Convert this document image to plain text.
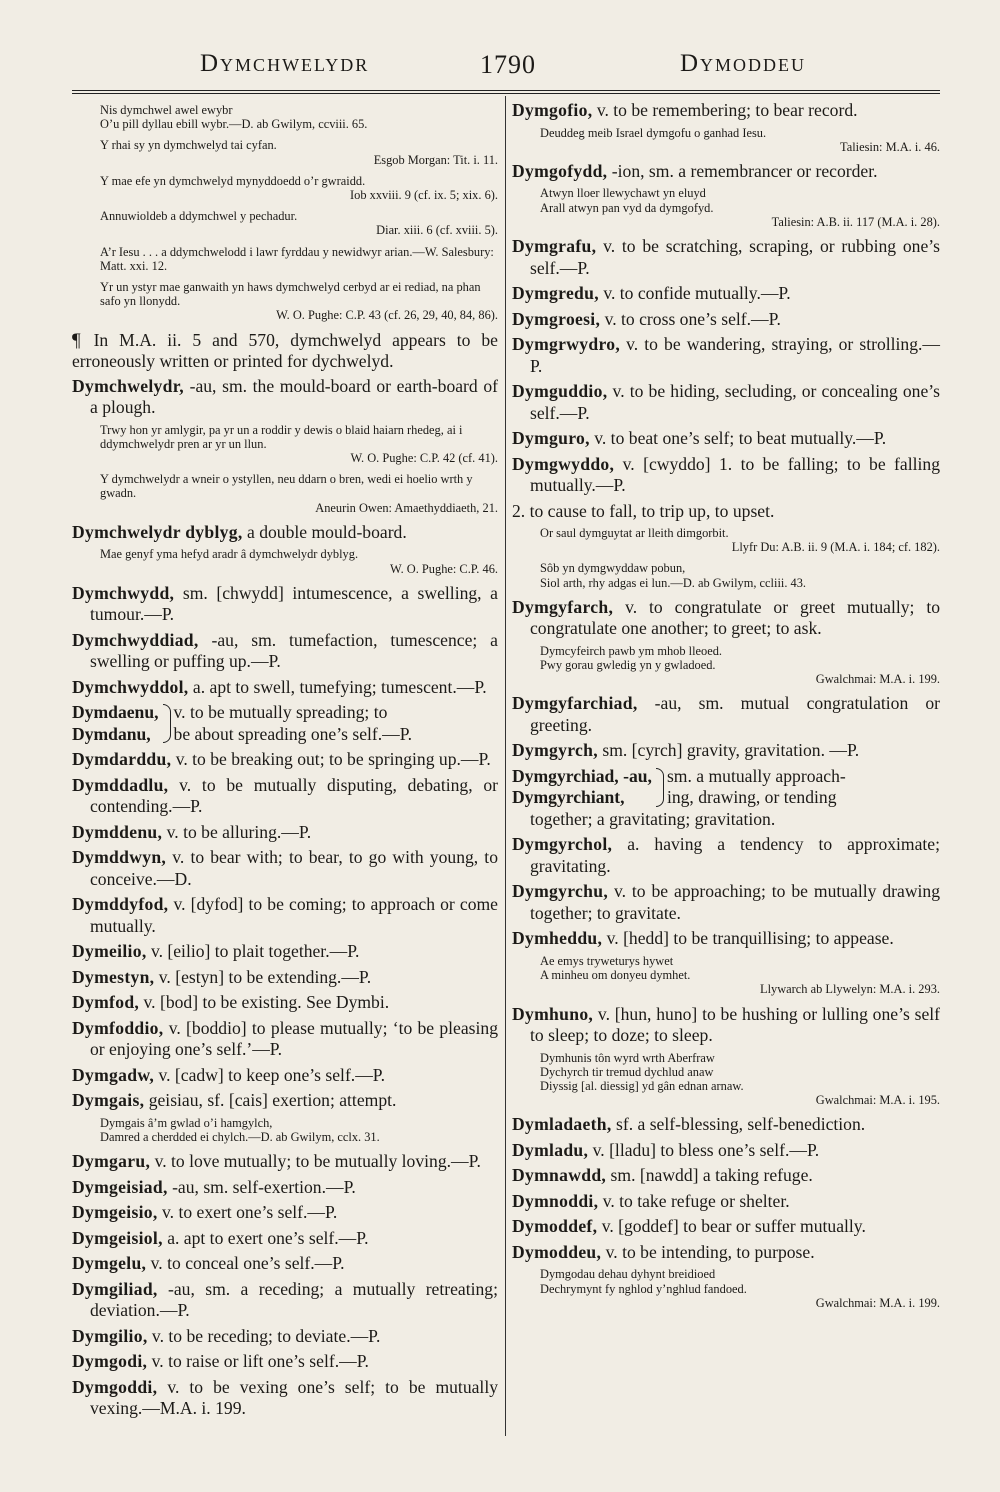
Dymchwelydr	1790	Dymoddeu
Nis dymchwel awel ewybr
O’u pill dyllau ebill wybr.—D. ab Gwilym, ccviii. 65.
Y rhai sy yn dymchwelyd tai cyfan.
Esgob Morgan: Tit. i. 11.
Y mae efe yn dymchwelyd mynyddoedd o’r gwraidd.
Iob xxviii. 9 (cf. ix. 5; xix. 6).
Annuwioldeb a ddymchwel y pechadur.
Diar. xiii. 6 (cf. xviii. 5).
A’r Iesu . . . a ddymchwelodd i lawr fyrddau y newidwyr arian.—W. Salesbury: Matt. xxi. 12.
Yr un ystyr mae ganwaith yn haws dymchwelyd cerbyd ar ei rediad, na phan safo yn llonydd.
W. O. Pughe: C.P. 43 (cf. 26, 29, 40, 84, 86).
¶ In M.A. ii. 5 and 570, dymchwelyd appears to be erroneously written or printed for dychwelyd.
Dymchwelydr, -au, sm. the mould-board or earth-board of a plough.
Trwy hon yr amlygir, pa yr un a roddir y dewis o blaid haiarn rhedeg, ai i ddymchwelydr pren ar yr un llun.
W. O. Pughe: C.P. 42 (cf. 41).
Y dymchwelydr a wneir o ystyllen, neu ddarn o bren, wedi ei hoelio wrth y gwadn.
Aneurin Owen: Amaethyddiaeth, 21.
Dymchwelydr dyblyg, a double mould-board.
Mae genyf yma hefyd aradr â dymchwelydr dyblyg.
W. O. Pughe: C.P. 46.
Dymchwydd, sm. [chwydd] intumescence, a swelling, a tumour.—P.
Dymchwyddiad, -au, sm. tumefaction, tumescence; a swelling or puffing up.—P.
Dymchwyddol, a. apt to swell, tumefying; tumescent.—P.
Dymdaenu,
Dymdanu,
v. to be mutually spreading; to
be about spreading one’s self.—P.
Dymdarddu, v. to be breaking out; to be springing up.—P.
Dymddadlu, v. to be mutually disputing, debating, or contending.—P.
Dymddenu, v. to be alluring.—P.
Dymddwyn, v. to bear with; to bear, to go with young, to conceive.—D.
Dymddyfod, v. [dyfod] to be coming; to approach or come mutually.
Dymeilio, v. [eilio] to plait together.—P.
Dymestyn, v. [estyn] to be extending.—P.
Dymfod, v. [bod] to be existing. See Dymbi.
Dymfoddio, v. [boddio] to please mutually; ‘to be pleasing or enjoying one’s self.’—P.
Dymgadw, v. [cadw] to keep one’s self.—P.
Dymgais, geisiau, sf. [cais] exertion; attempt.
Dymgais â’m gwlad o’i hamgylch,
Damred a cherdded ei chylch.—D. ab Gwilym, cclx. 31.
Dymgaru, v. to love mutually; to be mutually loving.—P.
Dymgeisiad, -au, sm. self-exertion.—P.
Dymgeisio, v. to exert one’s self.—P.
Dymgeisiol, a. apt to exert one’s self.—P.
Dymgelu, v. to conceal one’s self.—P.
Dymgiliad, -au, sm. a receding; a mutually retreating; deviation.—P.
Dymgilio, v. to be receding; to deviate.—P.
Dymgodi, v. to raise or lift one’s self.—P.
Dymgoddi, v. to be vexing one’s self; to be mutually vexing.—M.A. i. 199.
Dymgofio, v. to be remembering; to bear record.
Deuddeg meib Israel dymgofu o ganhad Iesu.
Taliesin: M.A. i. 46.
Dymgofydd, -ion, sm. a remembrancer or recorder.
Atwyn lloer llewychawt yn eluyd
Arall atwyn pan vyd da dymgofyd.
Taliesin: A.B. ii. 117 (M.A. i. 28).
Dymgrafu, v. to be scratching, scraping, or rubbing one’s self.—P.
Dymgredu, v. to confide mutually.—P.
Dymgroesi, v. to cross one’s self.—P.
Dymgrwydro, v. to be wandering, straying, or strolling.—P.
Dymguddio, v. to be hiding, secluding, or concealing one’s self.—P.
Dymguro, v. to beat one’s self; to beat mutually.—P.
Dymgwyddo, v. [cwyddo] 1. to be falling; to be falling mutually.—P.
2. to cause to fall, to trip up, to upset.
Or saul dymguytat ar lleith dimgorbit.
Llyfr Du: A.B. ii. 9 (M.A. i. 184; cf. 182).
Sôb yn dymgwyddaw pobun,
Siol arth, rhy adgas ei lun.—D. ab Gwilym, ccliii. 43.
Dymgyfarch, v. to congratulate or greet mutually; to congratulate one another; to greet; to ask.
Dymcyfeirch pawb ym mhob lleoed.
Pwy gorau gwledig yn y gwladoed.
Gwalchmai: M.A. i. 199.
Dymgyfarchiad, -au, sm. mutual congratulation or greeting.
Dymgyrch, sm. [cyrch] gravity, gravitation. —P.
Dymgyrchiad, -au,
Dymgyrchiant,
sm. a mutually approach-
ing, drawing, or tending
together; a gravitating; gravitation.
Dymgyrchol, a. having a tendency to approximate; gravitating.
Dymgyrchu, v. to be approaching; to be mutually drawing together; to gravitate.
Dymheddu, v. [hedd] to be tranquillising; to appease.
Ae emys tryweturys hywet
A minheu om donyeu dymhet.
Llywarch ab Llywelyn: M.A. i. 293.
Dymhuno, v. [hun, huno] to be hushing or lulling one’s self to sleep; to doze; to sleep.
Dymhunis tôn wyrd wrth Aberfraw
Dychyrch tir tremud dychlud anaw
Diyssig [al. diessig] yd gân ednan arnaw.
Gwalchmai: M.A. i. 195.
Dymladaeth, sf. a self-blessing, self-benediction.
Dymladu, v. [lladu] to bless one’s self.—P.
Dymnawdd, sm. [nawdd] a taking refuge.
Dymnoddi, v. to take refuge or shelter.
Dymoddef, v. [goddef] to bear or suffer mutually.
Dymoddeu, v. to be intending, to purpose.
Dymgodau dehau dyhynt breidioed
Dechrymynt fy nghlod y’nghlud fandoed.
Gwalchmai: M.A. i. 199.
